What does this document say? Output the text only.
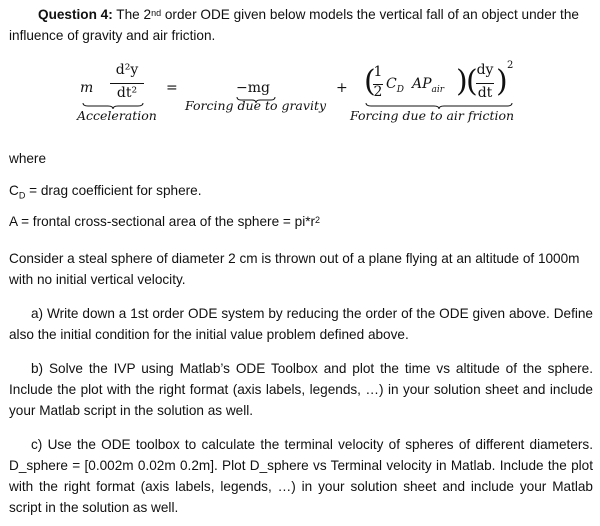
Question 4: The 2nd order ODE given below models the vertical fall of an object under the
influence of gravity and air friction.
m
d²y
dt²
Acceleration
=	−mg
Forcing due to gravity
+ (
1
2 $C_D$ $AP_{air}$ )
(
dy
dt ) 2
Forcing due to air friction
where
$C_D$ = drag coefficient for sphere.
A = frontal cross-sectional area of the sphere = $pi*r^2$
Consider a steal sphere of diameter 2 cm is thrown out of a plane flying at an altitude of 1000m
with no initial vertical velocity.
a) Write down a 1st order ODE system by reducing the order of the ODE given above. Define also the initial condition for the initial value problem defined above.
b) Solve the IVP using Matlab’s ODE Toolbox and plot the time vs altitude of the sphere. Include the plot with the right format (axis labels, legends, …) in your solution sheet and include your Matlab script in the solution as well.
c) Use the ODE toolbox to calculate the terminal velocity of spheres of different diameters. D_sphere = [0.002m 0.02m 0.2m]. Plot D_sphere vs Terminal velocity in Matlab. Include the plot with the right format (axis labels, legends, …) in your solution sheet and include your Matlab script in the solution as well.
